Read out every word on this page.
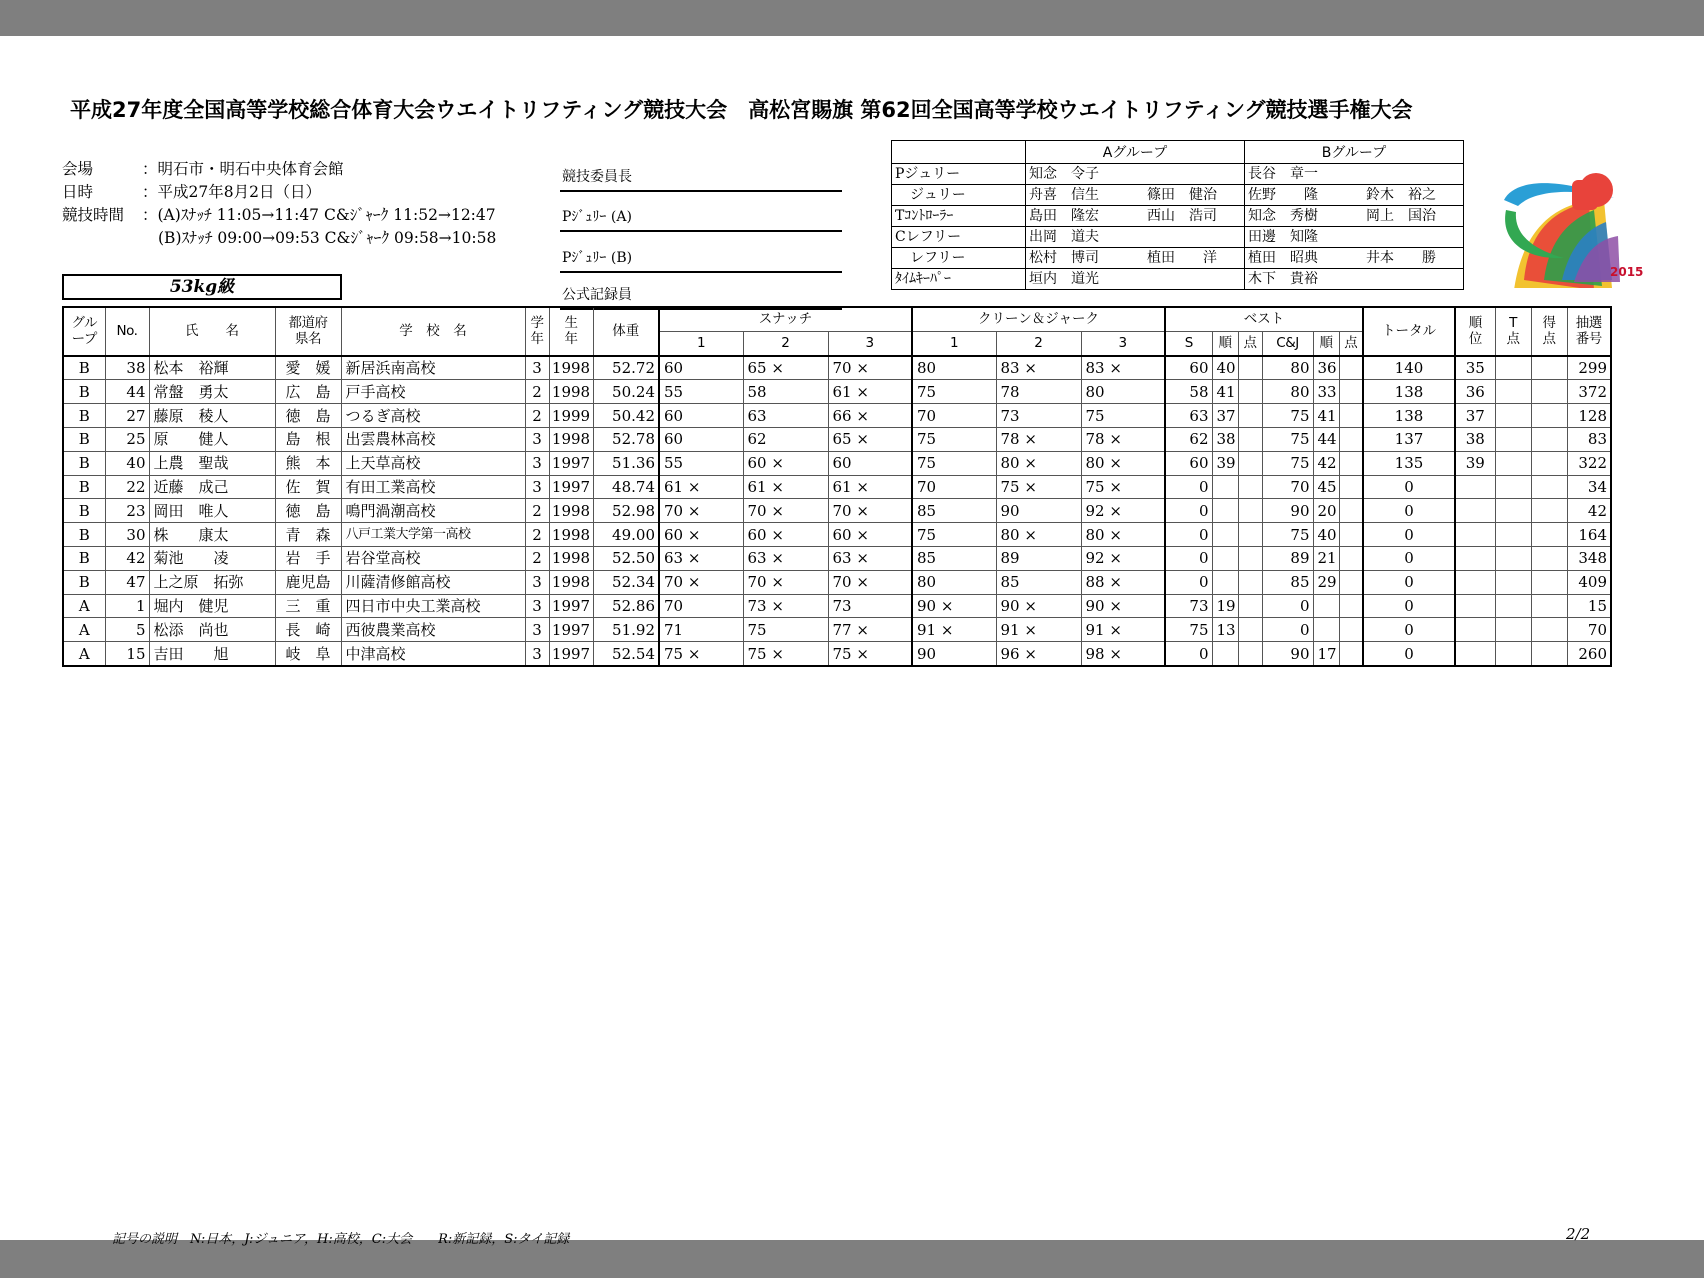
平成27年度全国高等学校総合体育大会ウエイトリフティング競技大会　高松宮賜旗 第62回全国高等学校ウエイトリフティング競技選手権大会
会場	：明石市・明石中央体育会館
日時	：平成27年8月2日（日）
競技時間	：(A)ｽﾅｯﾁ 11:05→11:47 C&ｼﾞｬｰｸ 11:52→12:47
(B)ｽﾅｯﾁ 09:00→09:53 C&ｼﾞｬｰｸ 09:58→10:58
53kg級
競技委員長
Pｼﾞｭﾘｰ (A)
Pｼﾞｭﾘｰ (B)
公式記録員
	Aグループ	Bグループ
Pジュリー	知念　令子	長谷　章一

ジュリー	舟喜　信生 篠田　健治	佐野　　隆 鈴木　裕之

Tｺﾝﾄﾛｰﾗｰ	島田　隆宏 西山　浩司	知念　秀樹 岡上　国治

Cレフリー	出岡　道夫	田邊　知隆

レフリー	松村　博司 植田　　洋	植田　昭典 井本　　勝

ﾀｲﾑｷｰﾊﾟｰ	垣内　道光	木下　貴裕	2015
グル
ープ	No.	氏　　名	都道府
県名	学　校　名	学
年	生
年	体重	スナッチ			クリーン＆ジャーク			ベスト						トータル	順
位	T
点	得
点	抽選
番号
								1	2	3	1	2	3	S	順	点	C&J	順	点					
B	38	松本　裕輝	愛　媛	新居浜南高校	3	1998	52.72	60	65 ×	70 ×	80	83 ×	83 ×	60	40		80	36		140	35			299
B	44	常盤　勇太	広　島	戸手高校	2	1998	50.24	55	58	61 ×	75	78	80	58	41		80	33		138	36			372
B	27	藤原　稜人	徳　島	つるぎ高校	2	1999	50.42	60	63	66 ×	70	73	75	63	37		75	41		138	37			128
B	25	原　　健人	島　根	出雲農林高校	3	1998	52.78	60	62	65 ×	75	78 ×	78 ×	62	38		75	44		137	38			83
B	40	上農　聖哉	熊　本	上天草高校	3	1997	51.36	55	60 ×	60	75	80 ×	80 ×	60	39		75	42		135	39			322
B	22	近藤　成己	佐　賀	有田工業高校	3	1997	48.74	61 ×	61 ×	61 ×	70	75 ×	75 ×	0			70	45		0				34
B	23	岡田　唯人	徳　島	鳴門渦潮高校	2	1998	52.98	70 ×	70 ×	70 ×	85	90	92 ×	0			90	20		0				42
B	30	株　　康太	青　森	八戸工業大学第一高校	2	1998	49.00	60 ×	60 ×	60 ×	75	80 ×	80 ×	0			75	40		0				164
B	42	菊池　　凌	岩　手	岩谷堂高校	2	1998	52.50	63 ×	63 ×	63 ×	85	89	92 ×	0			89	21		0				348
B	47	上之原　拓弥	鹿児島	川薩清修館高校	3	1998	52.34	70 ×	70 ×	70 ×	80	85	88 ×	0			85	29		0				409
A	1	堀内　健児	三　重	四日市中央工業高校	3	1997	52.86	70	73 ×	73	90 ×	90 ×	90 ×	73	19		0			0				15
A	5	松添　尚也	長　崎	西彼農業高校	3	1997	51.92	71	75	77 ×	91 ×	91 ×	91 ×	75	13		0			0				70
A	15	吉田　　旭	岐　阜	中津高校	3	1997	52.54	75 ×	75 ×	75 ×	90	96 ×	98 ×	0			90	17		0				260
記号の説明　N:日本，J:ジュニア，H:高校，C:大会　　R:新記録，S:タイ記録	2/2
